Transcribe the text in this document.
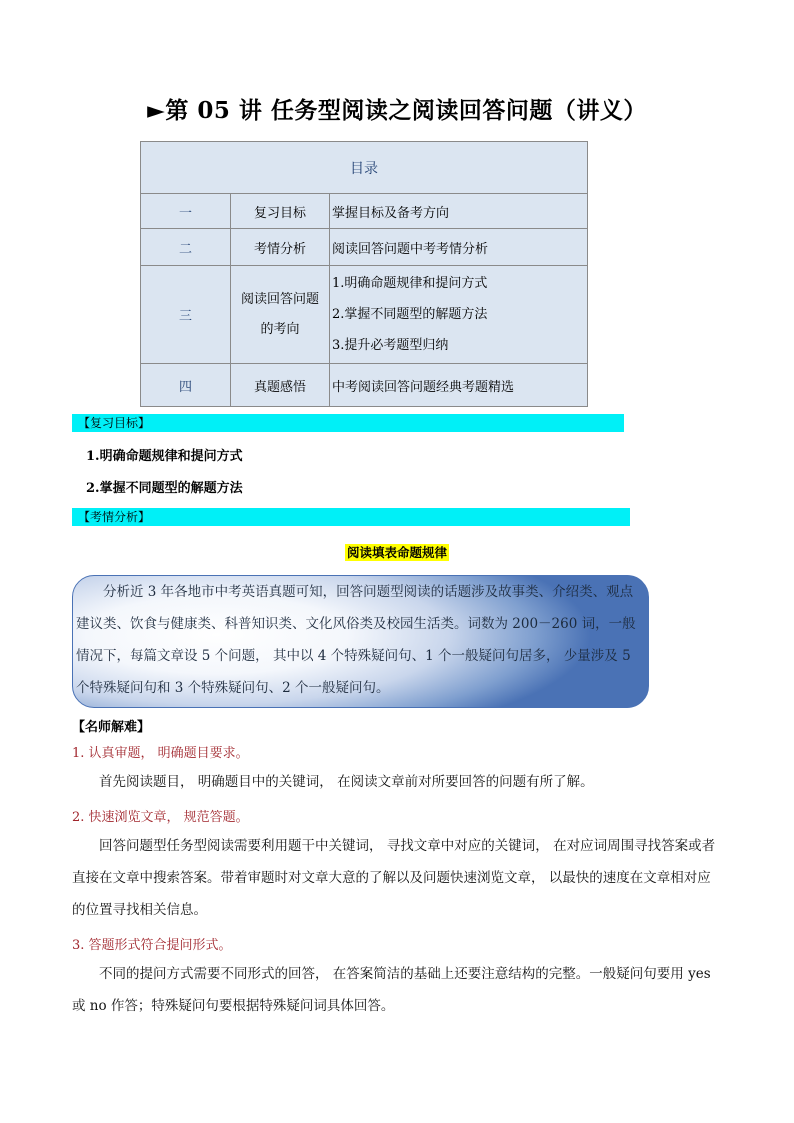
►第 05 讲 任务型阅读之阅读回答问题（讲义）
目录		
一	复习目标	掌握目标及备考方向
二	考情分析	阅读回答问题中考考情分析
三	阅读回答问题的考向	1.明确命题规律和提问方式
2.掌握不同题型的解题方法
3.提升必考题型归纳

四	真题感悟	中考阅读回答问题经典考题精选
【复习目标】
1.明确命题规律和提问方式
2.掌握不同题型的解题方法
【考情分析】
阅读填表命题规律
分析近 3 年各地市中考英语真题可知，回答问题型阅读的话题涉及故事类、介绍类、观点建议类、饮食与健康类、科普知识类、文化风俗类及校园生活类。词数为 200－260 词，一般情况下，每篇文章设 5 个问题， 其中以 4 个特殊疑问句、1 个一般疑问句居多， 少量涉及 5 个特殊疑问句和 3 个特殊疑问句、2 个一般疑问句。
【名师解难】
1. 认真审题， 明确题目要求。
首先阅读题目， 明确题目中的关键词， 在阅读文章前对所要回答的问题有所了解。
2. 快速浏览文章， 规范答题。
回答问题型任务型阅读需要利用题干中关键词， 寻找文章中对应的关键词， 在对应词周围寻找答案或者直接在文章中搜索答案。带着审题时对文章大意的了解以及问题快速浏览文章， 以最快的速度在文章相对应的位置寻找相关信息。
3. 答题形式符合提问形式。
不同的提问方式需要不同形式的回答， 在答案简洁的基础上还要注意结构的完整。一般疑问句要用 yes 或 no 作答；特殊疑问句要根据特殊疑问词具体回答。
